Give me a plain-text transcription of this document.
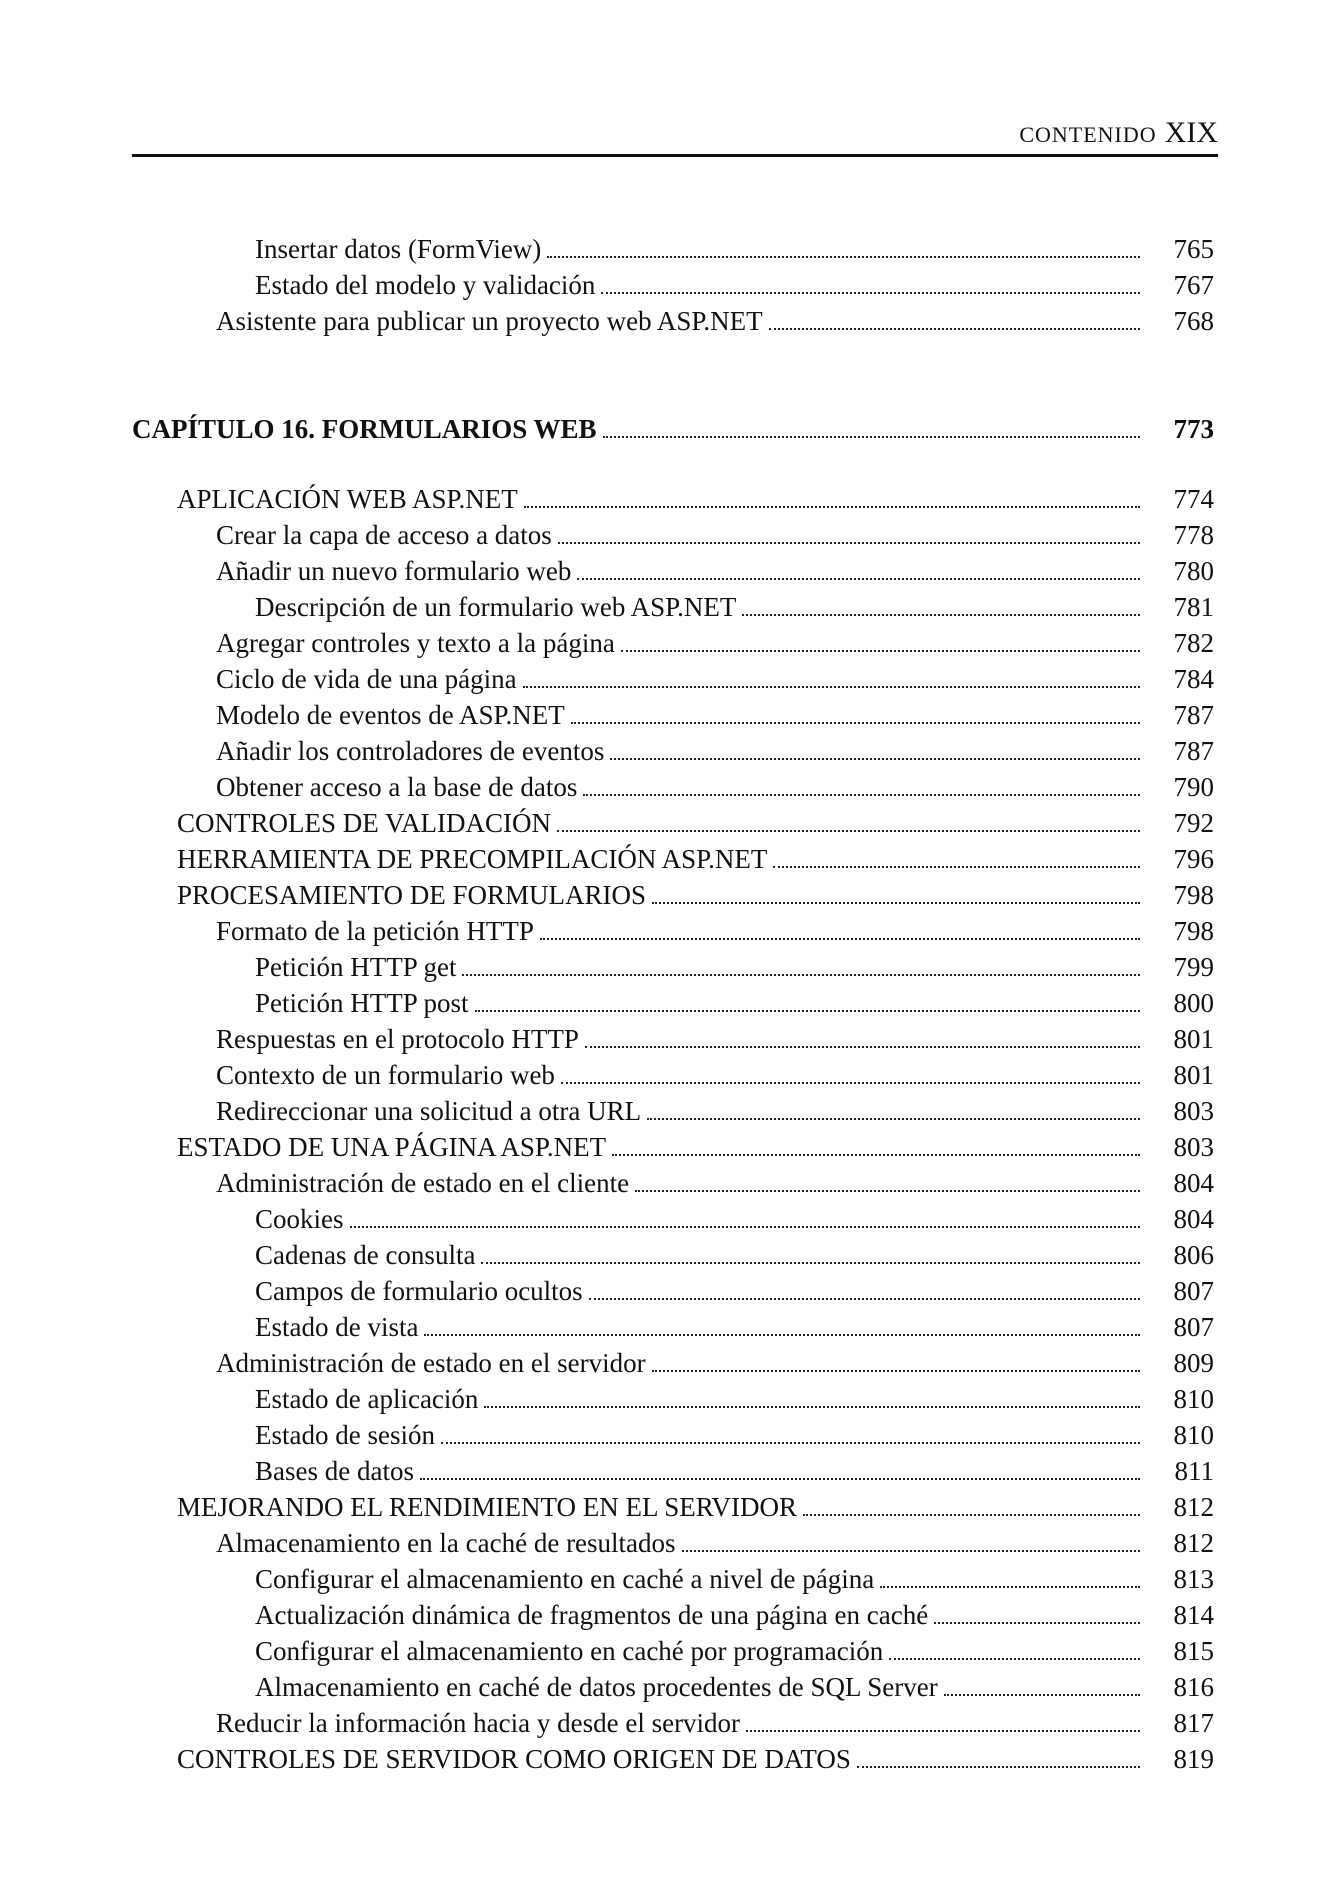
CONTENIDO XIX
Insertar datos (FormView)	765
Estado del modelo y validación	767
Asistente para publicar un proyecto web ASP.NET	768
CAPÍTULO 16. FORMULARIOS WEB	773
APLICACIÓN WEB ASP.NET	774
Crear la capa de acceso a datos	778
Añadir un nuevo formulario web	780
Descripción de un formulario web ASP.NET	781
Agregar controles y texto a la página	782
Ciclo de vida de una página	784
Modelo de eventos de ASP.NET	787
Añadir los controladores de eventos	787
Obtener acceso a la base de datos	790
CONTROLES DE VALIDACIÓN	792
HERRAMIENTA DE PRECOMPILACIÓN ASP.NET	796
PROCESAMIENTO DE FORMULARIOS	798
Formato de la petición HTTP	798
Petición HTTP get	799
Petición HTTP post	800
Respuestas en el protocolo HTTP	801
Contexto de un formulario web	801
Redireccionar una solicitud a otra URL	803
ESTADO DE UNA PÁGINA ASP.NET	803
Administración de estado en el cliente	804
Cookies	804
Cadenas de consulta	806
Campos de formulario ocultos	807
Estado de vista	807
Administración de estado en el servidor	809
Estado de aplicación	810
Estado de sesión	810
Bases de datos	811
MEJORANDO EL RENDIMIENTO EN EL SERVIDOR	812
Almacenamiento en la caché de resultados	812
Configurar el almacenamiento en caché a nivel de página	813
Actualización dinámica de fragmentos de una página en caché	814
Configurar el almacenamiento en caché por programación	815
Almacenamiento en caché de datos procedentes de SQL Server	816
Reducir la información hacia y desde el servidor	817
CONTROLES DE SERVIDOR COMO ORIGEN DE DATOS	819
